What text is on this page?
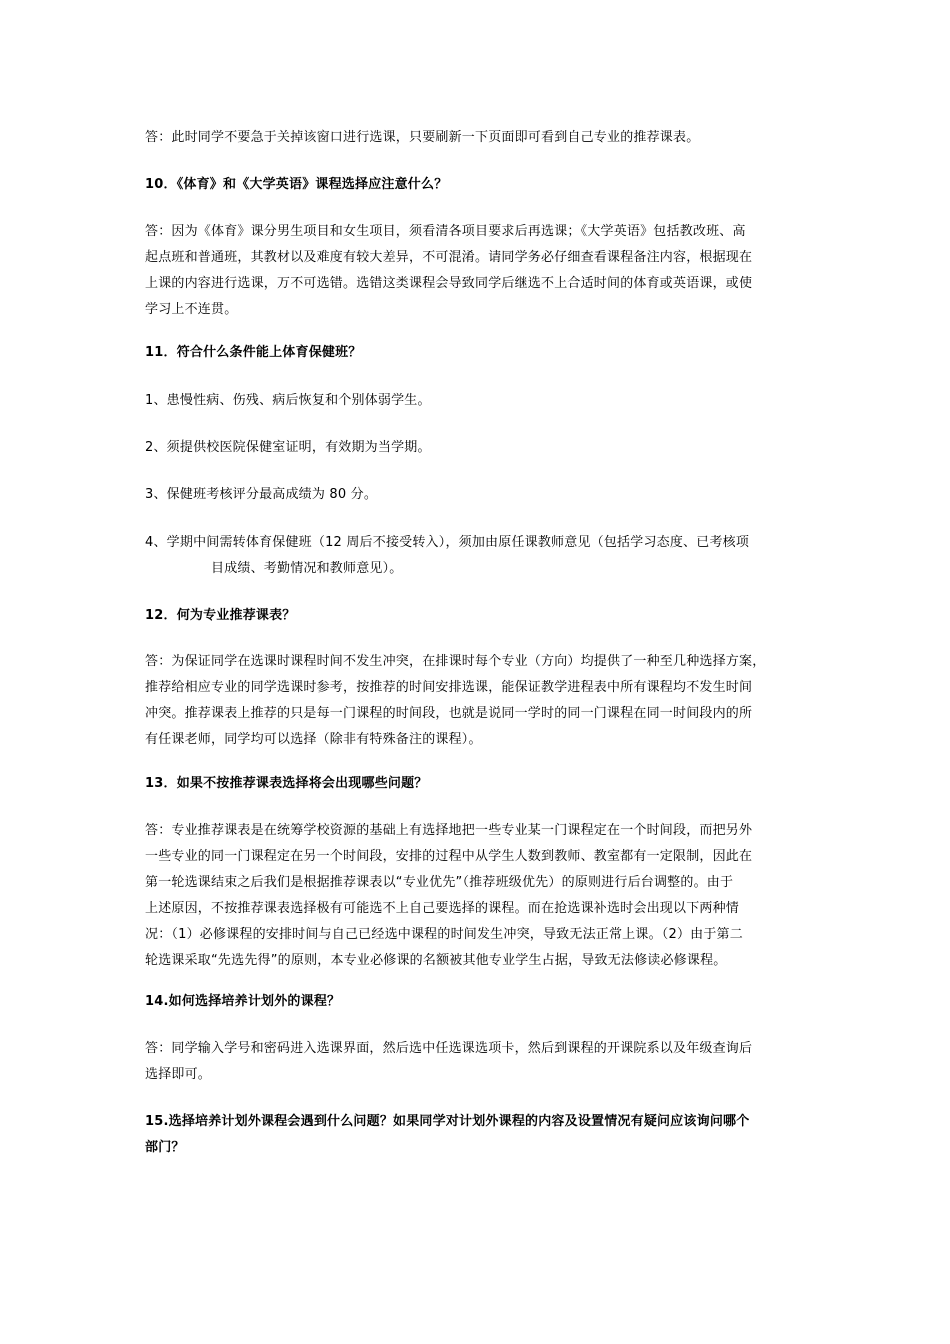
答：此时同学不要急于关掉该窗口进行选课，只要刷新一下页面即可看到自己专业的推荐课表。

10．《体育》和《大学英语》课程选择应注意什么？

答：因为《体育》课分男生项目和女生项目，须看清各项目要求后再选课；《大学英语》包括教改班、高
起点班和普通班，其教材以及难度有较大差异，不可混淆。请同学务必仔细查看课程备注内容，根据现在
上课的内容进行选课，万不可选错。选错这类课程会导致同学后继选不上合适时间的体育或英语课，或使
学习上不连贯。

11．符合什么条件能上体育保健班？

1、患慢性病、伤残、病后恢复和个别体弱学生。

2、须提供校医院保健室证明，有效期为当学期。

3、保健班考核评分最高成绩为 80 分。

4、学期中间需转体育保健班（12 周后不接受转入），须加由原任课教师意见（包括学习态度、已考核项
目成绩、考勤情况和教师意见）。

12．何为专业推荐课表？

答：为保证同学在选课时课程时间不发生冲突，在排课时每个专业（方向）均提供了一种至几种选择方案，
推荐给相应专业的同学选课时参考，按推荐的时间安排选课，能保证教学进程表中所有课程均不发生时间
冲突。推荐课表上推荐的只是每一门课程的时间段，也就是说同一学时的同一门课程在同一时间段内的所
有任课老师，同学均可以选择（除非有特殊备注的课程）。

13．如果不按推荐课表选择将会出现哪些问题？

答：专业推荐课表是在统筹学校资源的基础上有选择地把一些专业某一门课程定在一个时间段，而把另外
一些专业的同一门课程定在另一个时间段，安排的过程中从学生人数到教师、教室都有一定限制，因此在
第一轮选课结束之后我们是根据推荐课表以“专业优先”（推荐班级优先）的原则进行后台调整的。由于
上述原因，不按推荐课表选择极有可能选不上自己要选择的课程。而在抢选课补选时会出现以下两种情
况：（1）必修课程的安排时间与自己已经选中课程的时间发生冲突，导致无法正常上课。（2）由于第二
轮选课采取“先选先得”的原则，本专业必修课的名额被其他专业学生占据，导致无法修读必修课程。

14.如何选择培养计划外的课程？

答：同学输入学号和密码进入选课界面，然后选中任选课选项卡，然后到课程的开课院系以及年级查询后
选择即可。

15.选择培养计划外课程会遇到什么问题？如果同学对计划外课程的内容及设置情况有疑问应该询问哪个
部门？
